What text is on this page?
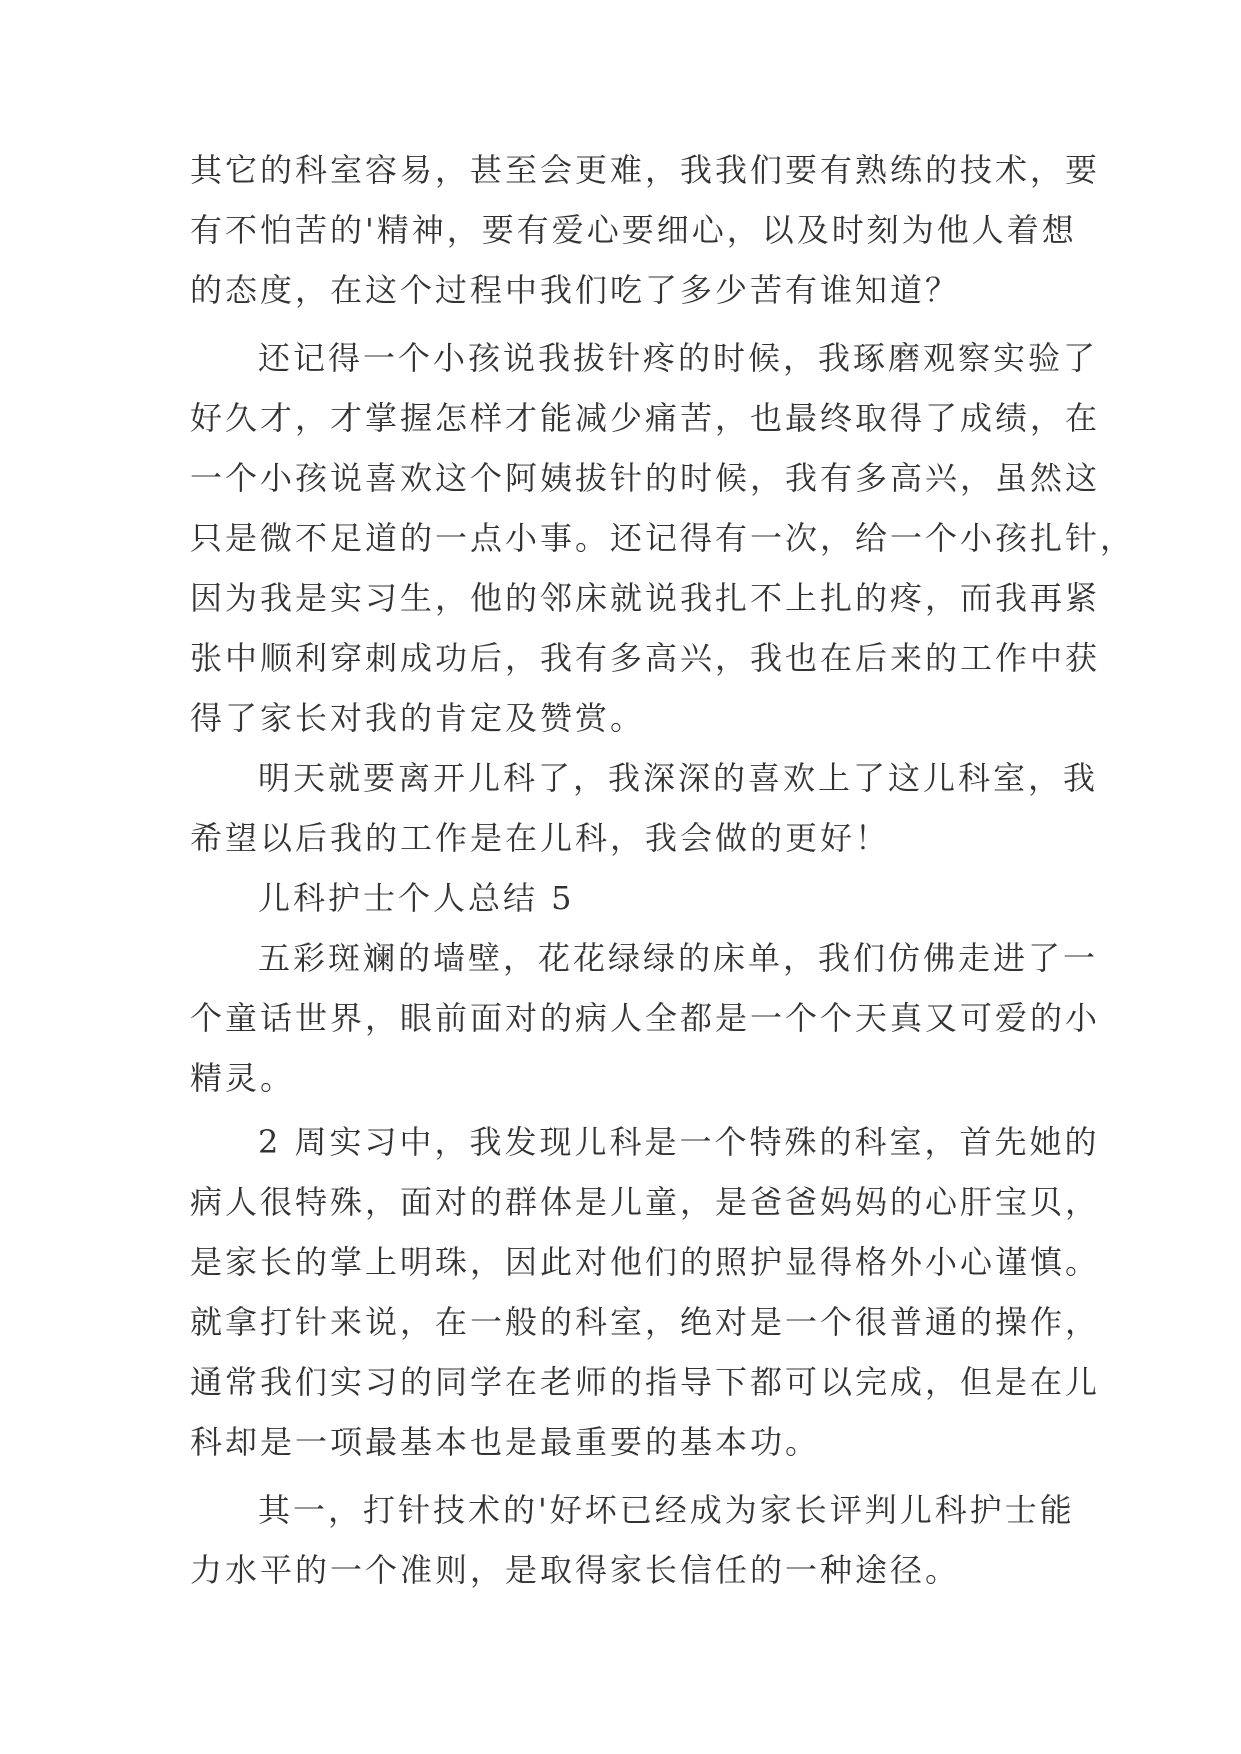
其它的科室容易，甚至会更难，我我们要有熟练的技术，要
有不怕苦的'精神，要有爱心要细心，以及时刻为他人着想
的态度，在这个过程中我们吃了多少苦有谁知道？
还记得一个小孩说我拔针疼的时候，我琢磨观察实验了
好久才，才掌握怎样才能减少痛苦，也最终取得了成绩，在
一个小孩说喜欢这个阿姨拔针的时候，我有多高兴，虽然这
只是微不足道的一点小事。还记得有一次，给一个小孩扎针，
因为我是实习生，他的邻床就说我扎不上扎的疼，而我再紧
张中顺利穿刺成功后，我有多高兴，我也在后来的工作中获
得了家长对我的肯定及赞赏。
明天就要离开儿科了，我深深的喜欢上了这儿科室，我
希望以后我的工作是在儿科，我会做的更好！
儿科护士个人总结 5
五彩斑斓的墙壁，花花绿绿的床单，我们仿佛走进了一
个童话世界，眼前面对的病人全都是一个个天真又可爱的小
精灵。
2 周实习中，我发现儿科是一个特殊的科室，首先她的
病人很特殊，面对的群体是儿童，是爸爸妈妈的心肝宝贝，
是家长的掌上明珠，因此对他们的照护显得格外小心谨慎。
就拿打针来说，在一般的科室，绝对是一个很普通的操作，
通常我们实习的同学在老师的指导下都可以完成，但是在儿
科却是一项最基本也是最重要的基本功。
其一，打针技术的'好坏已经成为家长评判儿科护士能
力水平的一个准则，是取得家长信任的一种途径。
